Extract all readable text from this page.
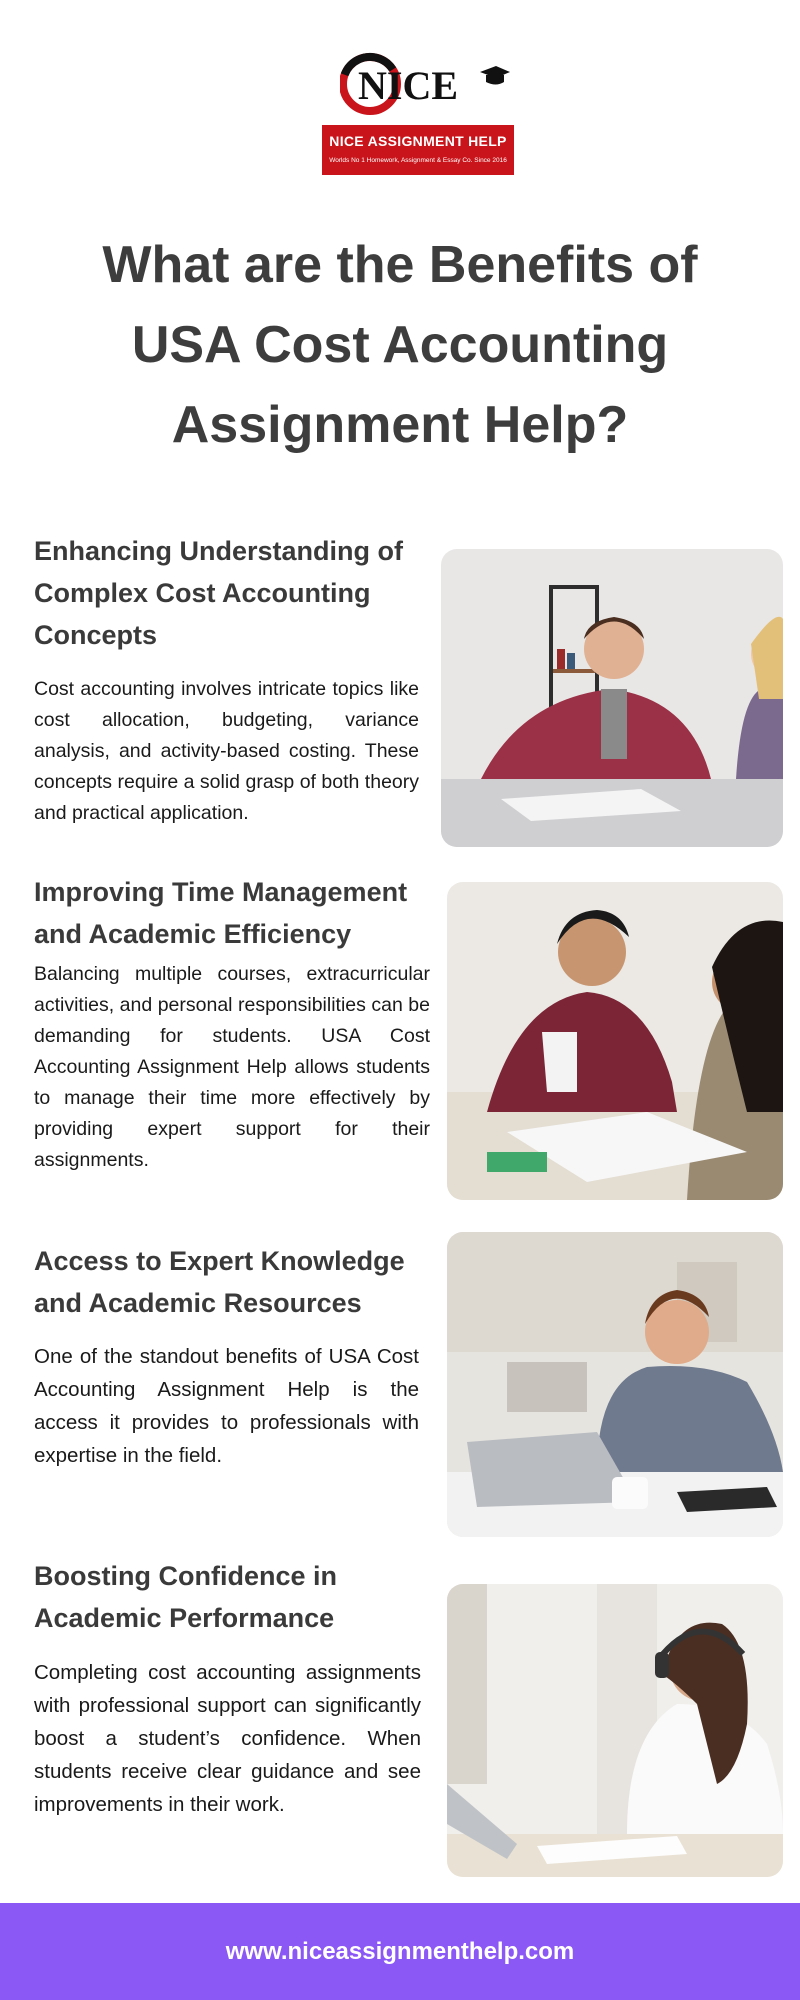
NICE
NICE ASSIGNMENT HELP
Worlds No 1 Homework, Assignment & Essay Co. Since 2016
What are the Benefits of USA Cost Accounting Assignment Help?
Enhancing Understanding of Complex Cost Accounting Concepts

Cost accounting involves intricate topics like cost allocation, budgeting, variance analysis, and activity-based costing. These concepts require a solid grasp of both theory and practical application.

Improving Time Management and Academic Efficiency

Balancing multiple courses, extracurricular activities, and personal responsibilities can be demanding for students. USA Cost Accounting Assignment Help allows students to manage their time more effectively by providing expert support for their assignments.

Access to Expert Knowledge and Academic Resources

One of the standout benefits of USA Cost Accounting Assignment Help is the access it provides to professionals with expertise in the field.

Boosting Confidence in Academic Performance

Completing cost accounting assignments with professional support can significantly boost a student’s confidence. When students receive clear guidance and see improvements in their work.

www.niceassignmenthelp.com
